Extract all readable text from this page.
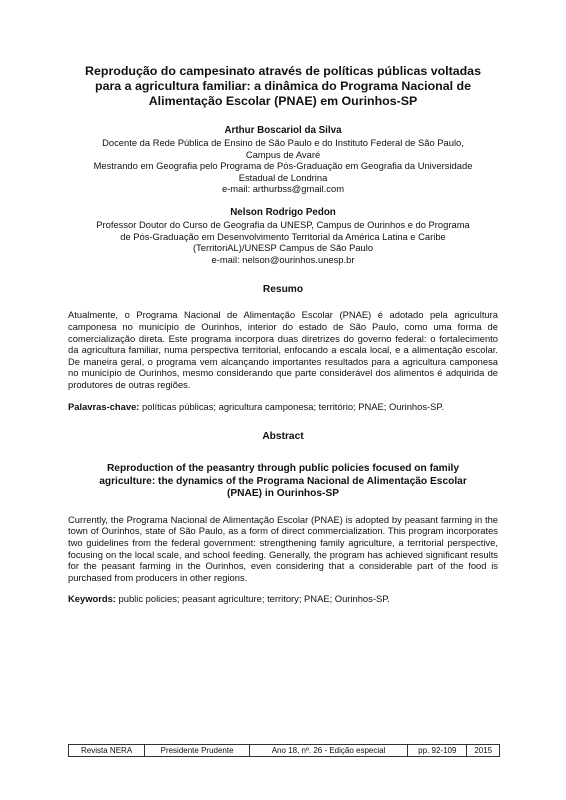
Reprodução do campesinato através de políticas públicas voltadas
para a agricultura familiar: a dinâmica do Programa Nacional de
Alimentação Escolar (PNAE) em Ourinhos-SP
Arthur Boscariol da Silva

Docente da Rede Pública de Ensino de São Paulo e do Instituto Federal de São Paulo,

Campus de Avaré

Mestrando em Geografia pelo Programa de Pós-Graduação em Geografia da Universidade

Estadual de Londrina

e-mail: arthurbss@gmail.com

Nelson Rodrigo Pedon

Professor Doutor do Curso de Geografia da UNESP, Campus de Ourinhos e do Programa

de Pós-Graduação em Desenvolvimento Territorial da América Latina e Caribe

(TerritoriAL)/UNESP Campus de São Paulo

e-mail: nelson@ourinhos.unesp.br

Resumo

Atualmente, o Programa Nacional de Alimentação Escolar (PNAE) é adotado pela agricultura camponesa no município de Ourinhos, interior do estado de São Paulo, como uma forma de comercialização direta. Este programa incorpora duas diretrizes do governo federal: o fortalecimento da agricultura familiar, numa perspectiva territorial, enfocando a escala local, e a alimentação escolar. De maneira geral, o programa vem alcançando importantes resultados para a agricultura camponesa no município de Ourinhos, mesmo considerando que parte considerável dos alimentos é adquirida de produtores de outras regiões.

Palavras-chave: políticas públicas; agricultura camponesa; território; PNAE; Ourinhos-SP.
Abstract
Reproduction of the peasantry through public policies focused on family
agriculture: the dynamics of the Programa Nacional de Alimentação Escolar
(PNAE) in Ourinhos-SP

Currently, the Programa Nacional de Alimentação Escolar (PNAE) is adopted by peasant farming in the town of Ourinhos, state of São Paulo, as a form of direct commercialization. This program incorporates two guidelines from the federal government: strengthening family agriculture, a territorial perspective, focusing on the local scale, and school feeding. Generally, the program has achieved significant results for the peasant farming in the Ourinhos, even considering that a considerable part of the food is purchased from producers in other regions.

Keywords: public policies; peasant agriculture; territory; PNAE; Ourinhos-SP.
Revista NERA	Presidente Prudente	Ano 18, nº. 26 - Edição especial	pp. 92-109	2015
